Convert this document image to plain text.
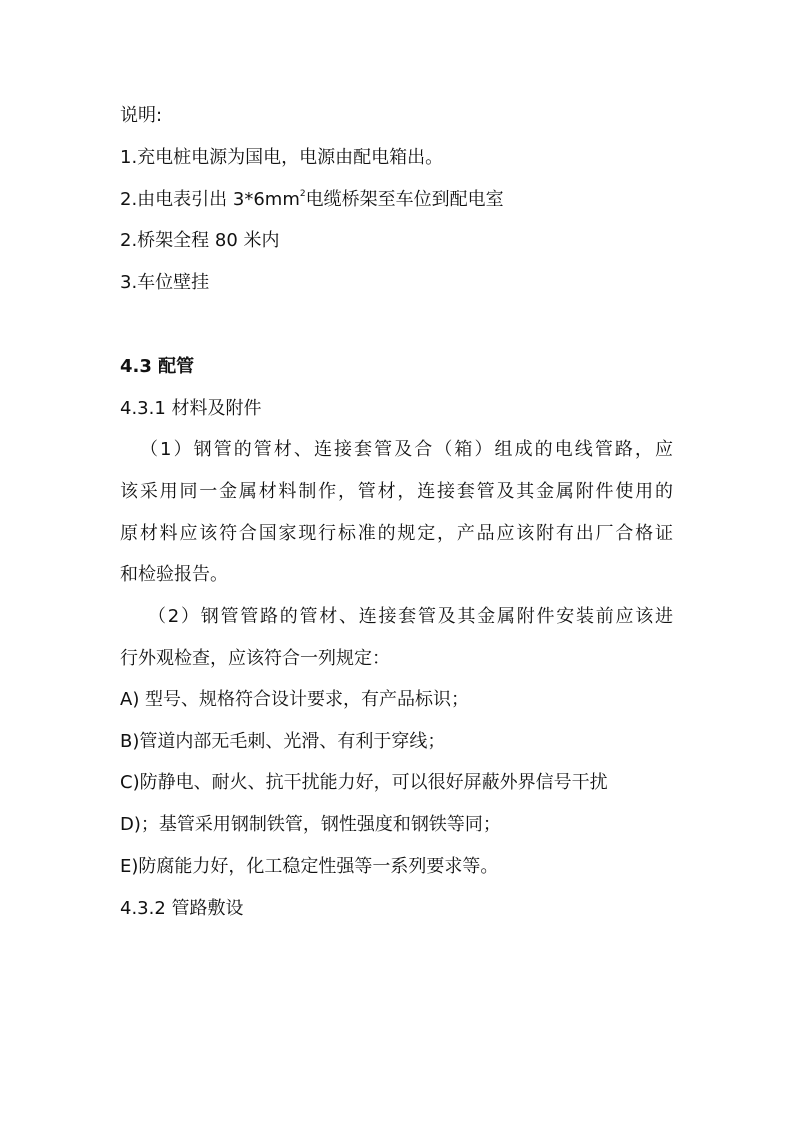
说明:
1.充电桩电源为国电，电源由配电箱出。
2.由电表引出 $3*6mm^2$电缆桥架至车位到配电室
2.桥架全程 80 米内
3.车位壁挂
4.3 配管
4.3.1 材料及附件
（1）钢管的管材、连接套管及合（箱）组成的电线管路，应
该采用同一金属材料制作，管材，连接套管及其金属附件使用的
原材料应该符合国家现行标准的规定，产品应该附有出厂合格证
和检验报告。
（2）钢管管路的管材、连接套管及其金属附件安装前应该进
行外观检查，应该符合一列规定：
A) 型号、规格符合设计要求，有产品标识；
B)管道内部无毛刺、光滑、有利于穿线；
C)防静电、耐火、抗干扰能力好，可以很好屏蔽外界信号干扰
D)；基管采用钢制铁管，钢性强度和钢铁等同；
E)防腐能力好，化工稳定性强等一系列要求等。
4.3.2 管路敷设
